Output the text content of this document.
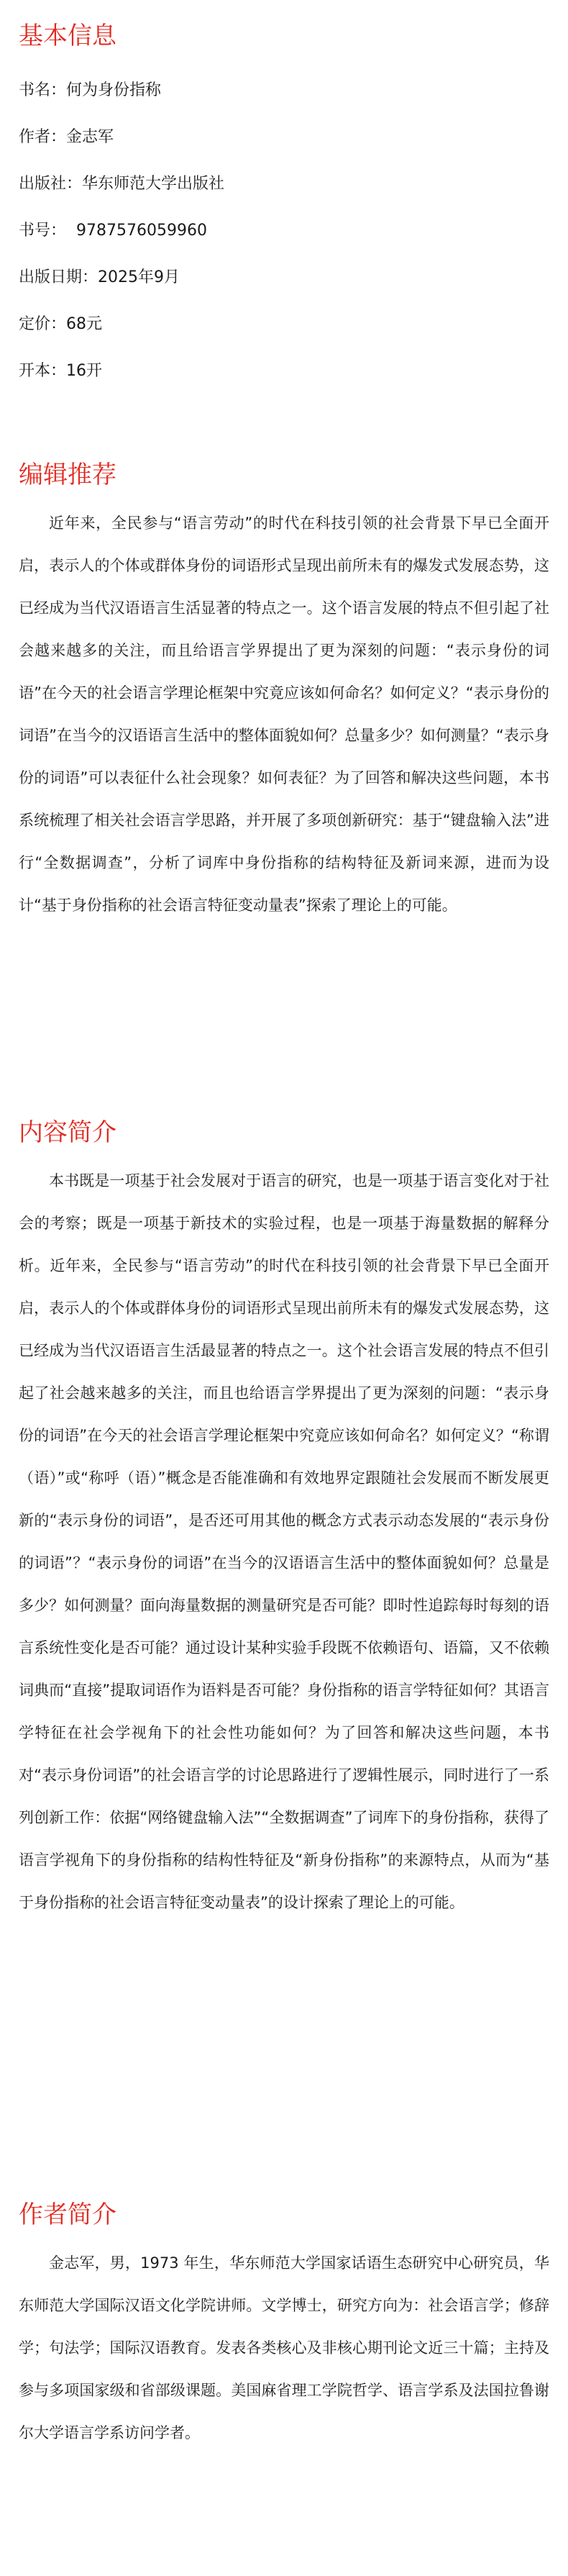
基本信息

书名：何为身份指称

作者：金志军

出版社：华东师范大学出版社

书号：  9787576059960

出版日期：2025年9月

定价：68元

开本：16开

编辑推荐

近年来，全民参与“语言劳动”的时代在科技引领的社会背景下早已全面开启，表示人的个体或群体身份的词语形式呈现出前所未有的爆发式发展态势，这已经成为当代汉语语言生活显著的特点之一。这个语言发展的特点不但引起了社会越来越多的关注，而且给语言学界提出了更为深刻的问题：“表示身份的词语”在今天的社会语言学理论框架中究竟应该如何命名？如何定义？“表示身份的词语”在当今的汉语语言生活中的整体面貌如何？总量多少？如何测量？“表示身份的词语”可以表征什么社会现象？如何表征？为了回答和解决这些问题，本书系统梳理了相关社会语言学思路，并开展了多项创新研究：基于“键盘输入法”进行“全数据调查”，分析了词库中身份指称的结构特征及新词来源，进而为设计“基于身份指称的社会语言特征变动量表”探索了理论上的可能。

内容简介

本书既是一项基于社会发展对于语言的研究，也是一项基于语言变化对于社会的考察；既是一项基于新技术的实验过程，也是一项基于海量数据的解释分析。近年来，全民参与“语言劳动”的时代在科技引领的社会背景下早已全面开启，表示人的个体或群体身份的词语形式呈现出前所未有的爆发式发展态势，这已经成为当代汉语语言生活最显著的特点之一。这个社会语言发展的特点不但引起了社会越来越多的关注，而且也给语言学界提出了更为深刻的问题：“表示身份的词语”在今天的社会语言学理论框架中究竟应该如何命名？如何定义？“称谓（语）”或“称呼（语）”概念是否能准确和有效地界定跟随社会发展而不断发展更新的“表示身份的词语”，是否还可用其他的概念方式表示动态发展的“表示身份的词语”？“表示身份的词语”在当今的汉语语言生活中的整体面貌如何？总量是多少？如何测量？面向海量数据的测量研究是否可能？即时性追踪每时每刻的语言系统性变化是否可能？通过设计某种实验手段既不依赖语句、语篇，又不依赖词典而“直接”提取词语作为语料是否可能？身份指称的语言学特征如何？其语言学特征在社会学视角下的社会性功能如何？为了回答和解决这些问题，本书对“表示身份词语”的社会语言学的讨论思路进行了逻辑性展示，同时进行了一系列创新工作：依据“网络键盘输入法”“全数据调查”了词库下的身份指称，获得了语言学视角下的身份指称的结构性特征及“新身份指称”的来源特点，从而为“基于身份指称的社会语言特征变动量表”的设计探索了理论上的可能。

作者简介

金志军，男，1973 年生，华东师范大学国家话语生态研究中心研究员，华东师范大学国际汉语文化学院讲师。文学博士，研究方向为：社会语言学；修辞学；句法学；国际汉语教育。发表各类核心及非核心期刊论文近三十篇；主持及参与多项国家级和省部级课题。美国麻省理工学院哲学、语言学系及法国拉鲁谢尔大学语言学系访问学者。
